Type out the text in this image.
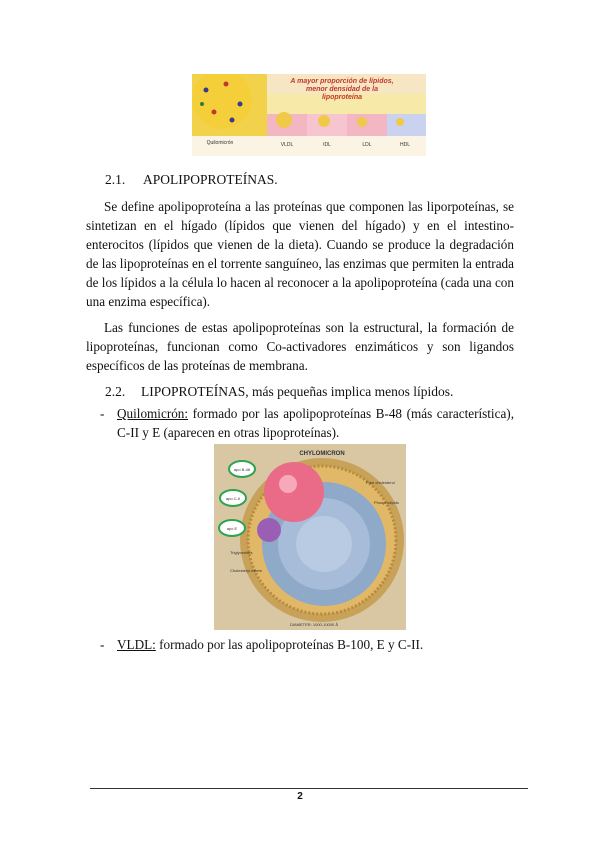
A mayor proporción de lípidos,
menor densidad de la
lipoproteína
Quilomicrón	VLDL	IDL	LDL	HDL
2.1. APOLIPOPROTEÍNAS.
Se define apolipoproteína a las proteínas que componen las liporpoteínas, se sintetizan en el hígado (lípidos que vienen del hígado) y en el intestino-enterocitos (lípidos que vienen de la dieta). Cuando se produce la degradación de las lipoproteínas en el torrente sanguíneo, las enzimas que permiten la entrada de los lípidos a la célula lo hacen al reconocer a la apolipoproteína (cada una con una enzima específica).
Las funciones de estas apolipoproteínas son la estructural, la formación de lipoproteínas, funcionan como Co-activadores enzimáticos y son ligandos específicos de las proteínas de membrana.
2.2. LIPOPROTEÍNAS, más pequeñas implica menos lípidos.
- Quilomicrón: formado por las apolipoproteínas B-48 (más característica), C-II y E (aparecen en otras lipoproteínas).
CHYLOMICRON
apo B-48
apo C-II
apo E
Triglycerides
Cholesteryl esters
Phospholipids
Free cholesterol
DIAMETER: 1000-10000 Å
- VLDL: formado por las apolipoproteínas B-100, E y C-II.
2
